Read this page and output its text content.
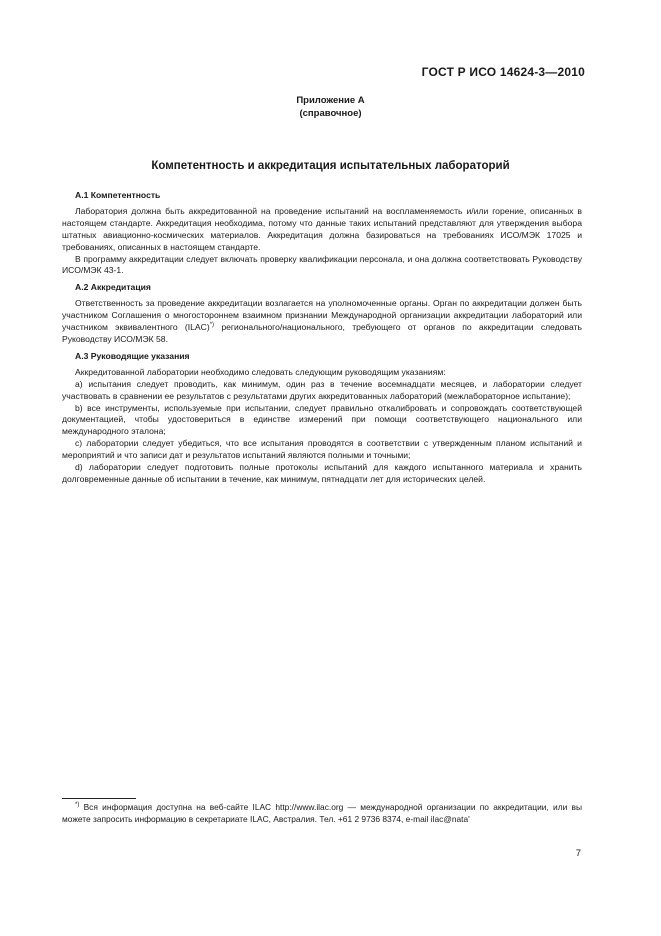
ГОСТ Р ИСО 14624-3—2010
Приложение А
(справочное)
Компетентность и аккредитация испытательных лабораторий
А.1 Компетентность

Лаборатория должна быть аккредитованной на проведение испытаний на воспламеняемость и/или горение, описанных в настоящем стандарте. Аккредитация необходима, потому что данные таких испытаний представляют для утверждения выбора штатных авиационно-космических материалов. Аккредитация должна базироваться на требованиях ИСО/МЭК 17025 и требованиях, описанных в настоящем стандарте.

В программу аккредитации следует включать проверку квалификации персонала, и она должна соответствовать Руководству ИСО/МЭК 43-1.

А.2 Аккредитация

Ответственность за проведение аккредитации возлагается на уполномоченные органы. Орган по аккредитации должен быть участником Соглашения о многостороннем взаимном признании Международной организации аккредитации лабораторий или участником эквивалентного (ILAC)*) регионального/национального, требующего от органов по аккредитации следовать Руководству ИСО/МЭК 58.

А.3 Руководящие указания

Аккредитованной лаборатории необходимо следовать следующим руководящим указаниям:

a) испытания следует проводить, как минимум, один раз в течение восемнадцати месяцев, и лаборатории следует участвовать в сравнении ее результатов с результатами других аккредитованных лабораторий (межлабораторное испытание);

b) все инструменты, используемые при испытании, следует правильно откалибровать и сопровождать соответствующей документацией, чтобы удостовериться в единстве измерений при помощи соответствующего национального или международного эталона;

c) лаборатории следует убедиться, что все испытания проводятся в соответствии с утвержденным планом испытаний и мероприятий и что записи дат и результатов испытаний являются полными и точными;

d) лаборатории следует подготовить полные протоколы испытаний для каждого испытанного материала и хранить долговременные данные об испытании в течение, как минимум, пятнадцати лет для исторических целей.

*) Вся информация доступна на веб-сайте ILAC http://www.ilac.org — международной организации по аккредитации, или вы можете запросить информацию в секретариате ILAC, Австралия. Тел. +61 2 9736 8374, e-mail ilac@nata'

7
